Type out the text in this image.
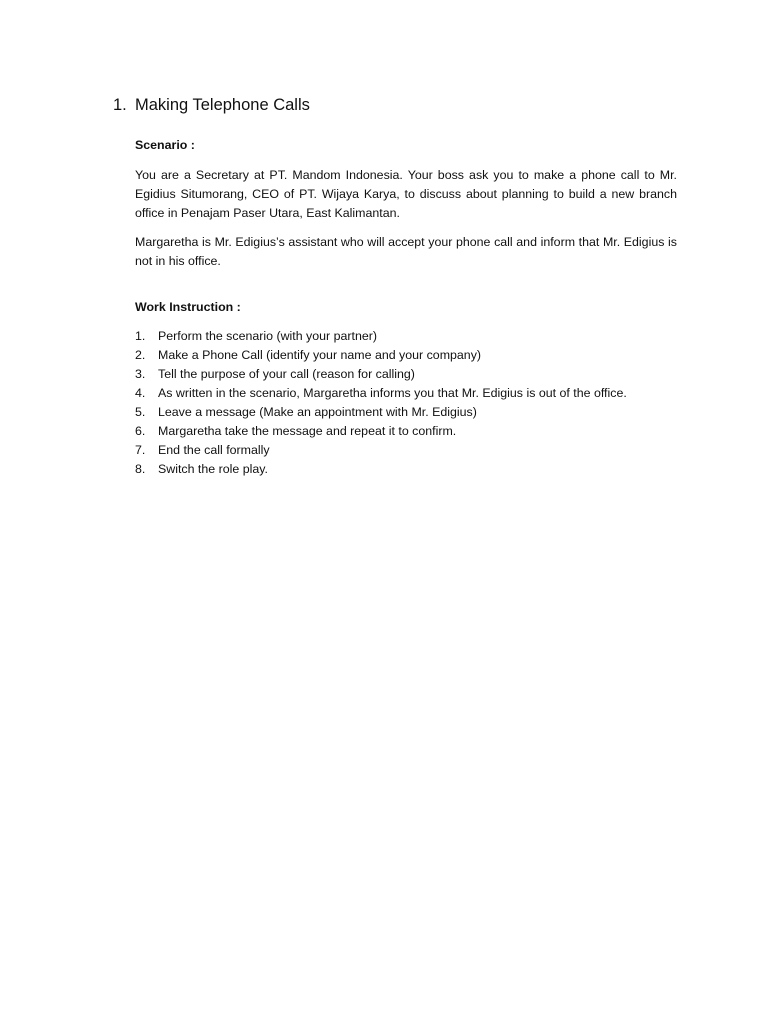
1. Making Telephone Calls

Scenario :

You are a Secretary at PT. Mandom Indonesia. Your boss ask you to make a phone call to Mr. Egidius Situmorang, CEO of PT. Wijaya Karya, to discuss about planning to build a new branch office in Penajam Paser Utara, East Kalimantan.

Margaretha is Mr. Edigius’s assistant who will accept your phone call and inform that Mr. Edigius is not in his office.

Work Instruction :

1.	Perform the scenario (with your partner)
2.	Make a Phone Call (identify your name and your company)
3.	Tell the purpose of your call (reason for calling)
4.	As written in the scenario, Margaretha informs you that Mr. Edigius is out of the office.
5.	Leave a message (Make an appointment with Mr. Edigius)
6.	Margaretha take the message and repeat it to confirm.
7.	End the call formally
8.	Switch the role play.
